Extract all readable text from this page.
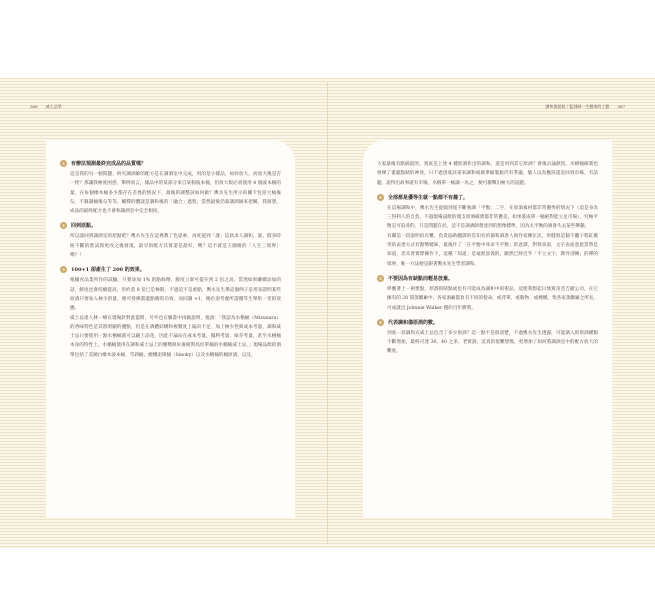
366 威士忌學	調和與裝瓶｜監酒師一生懸命的工藝 367
①	有辦法預測最終完成品的品質嗎？
這是我的另一個問題，終究調酒師的配方是在調酒室中完成，用的是小樣品，如何放大，而放大後是否一致？那讓我極度困惑。舉例而言，樣品中的某部分來自某個波本桶，但放大版必須使用 4 個波本桶的量，在每個橡木桶多少都存在差異的情況下，最後的調整該如何做？輿水先生所示的關卡包括大桶後勾，不錄調桶後勾等等。輔釋的體談是調和後的「融合」過程，當然最後仍靠調酒師來把關，我猜想，成品的最終配方也不會和調酒室中完全相同。
②	回到原點。
所以談回到調酒室的原點吧？輿水先生在這裡教了色思索，再度提到「謎」這款求人調和，說，假多時候不斷的嘗試與更改之後發現，最早的配方其實還是最好，噢？這不就是王國維的「人生三境界」嗎？！
③	100+1 卻產生了 200 的效果。
根據食品業所作的試驗，只要添加 1% 的點餘劑，鮮度立即可提升到 2 倍之高，當然如果繼續添加的話，鮮度也會持續提高，但約莫 8 倍已是極限，不過這不是重點，輿水先生舉這個例子是用來證明某些原酒只要加入極少的量，便可發揮畫龍點睛的功效，而同調 +1，便必須考慮所謂優等生舉堅一堂的效應。
威士忌達人林一峰在現場針對此提問，另外也在臉書中再做說明，他說：「我認為水楢桶（Mizunara）的香味特色是其很明顯的優點，但是在酒體結構和複雜度上偏向不足，加上極少性與成本考量，調和威士忌只要使用一點水楢桶就可以錦上添花，因此不論站在成本考量、獨利考量、庫存考量，甚至水楢桶本身的特性上，水楢桶使用在調和威士忌上的優勢與好處絕對高於單桶的水楢桶威士忌，」現場品飲的酒單包括了美國白橡木波本桶、雪莉桶、煙燻泥煤桶（Smoky）以及水楢桶的桶原酒，以及，
大家最後有點搞混的，到底是上述 4 種原酒作出的調和，還是用到其它原酒？會後討論熱烈，水楢桶確實也發揮了畫龍點睛的神效，只不過別底該拿來調和或做單桶裝瓶仍有爭議，個人以為應該還是回到市場，有話題、說得出故事就有市場，水楢單一桶調一為之，便可衝擊出極大的話題。
④	全部都是優等生就一點都不有趣了。
在這場調和中，輿水先生從頭到尾不斷強調「平衡」二字，在原酒素材都非常優秀的情況下（這是身為三得利人的自負，不過現場試飲的幾支原酒確實都非常優美，如果裝成單一桶絕對能立足市場），究極平衡是可追尋的，只是問題在於，這不是調酒師想達到的想像標準，因為太平衡的酒會失去某些樂趣。
有關這一段說明似有難，負責協助翻譯的是知名的葡萄酒達人與作家陳匡民，形健與這個不聽干程缸搬突的表達方式有點勢曖昧，最後作了「在平衡中尋求不平衡」的意譯，對我來說，文字表面意思當然是知道，但未曾實際操作下，這種「知道」是毫無意義的，顯然已經近乎「不立文字，教外別傳」的禪的境界，唯一方法便是跟著輿水先生學習調和。
⑤	不要因為有缺點而輕易放棄。
呼應著上一則要點，原酒的缺點或也有可能成為調和中的聖品，這使我想起曰無罵帝亞吉歐公司，在它擁有的 28 間蒸餾廠中，各家酒廠都負有不同的使命，或背單、或穀物、或煙燻，集各家蒸餾廠之所長，可成就出 Johnnie Walker 穩約百年勝將。
⑥	代表調和傷原酒的數。
到底一款調和式威士忌包含了多少原酒？這一點不是很清楚，不過輿水先生透露，可能調入的原酒種類不斷增加，最終可達 30、40 之多，老實說，這真的很難想像，更增加了如何將調酒室中的配方放大的難度。
